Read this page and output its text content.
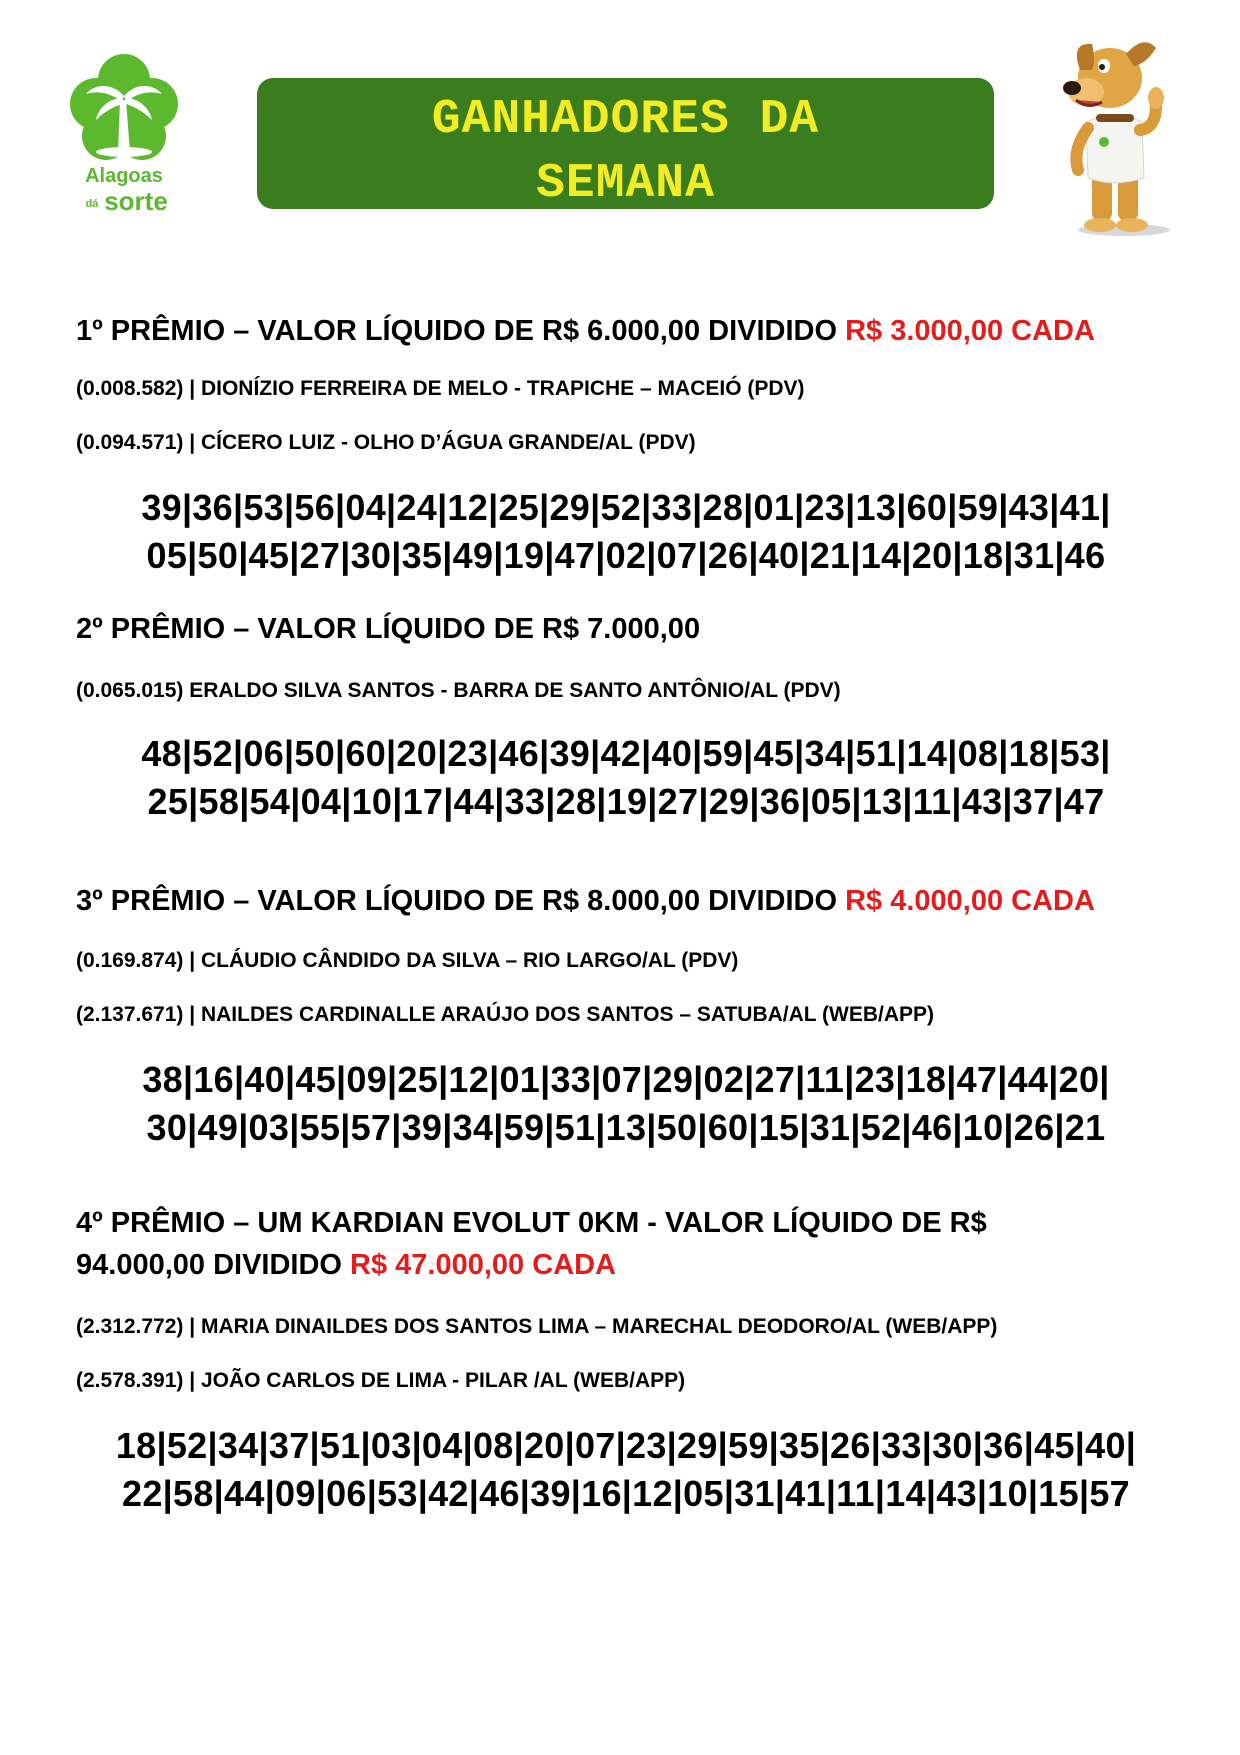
Alagoas
dá sorte
GANHADORES DA
SEMANA

1º PRÊMIO – VALOR LÍQUIDO DE R$ 6.000,00 DIVIDIDO R$ 3.000,00 CADA

(0.008.582) | DIONÍZIO FERREIRA DE MELO - TRAPICHE – MACEIÓ (PDV)

(0.094.571) | CÍCERO LUIZ - OLHO D’ÁGUA GRANDE/AL (PDV)

39|36|53|56|04|24|12|25|29|52|33|28|01|23|13|60|59|43|41|
05|50|45|27|30|35|49|19|47|02|07|26|40|21|14|20|18|31|46

2º PRÊMIO – VALOR LÍQUIDO DE R$ 7.000,00

(0.065.015) ERALDO SILVA SANTOS - BARRA DE SANTO ANTÔNIO/AL (PDV)

48|52|06|50|60|20|23|46|39|42|40|59|45|34|51|14|08|18|53|
25|58|54|04|10|17|44|33|28|19|27|29|36|05|13|11|43|37|47

3º PRÊMIO – VALOR LÍQUIDO DE R$ 8.000,00 DIVIDIDO R$ 4.000,00 CADA

(0.169.874) | CLÁUDIO CÂNDIDO DA SILVA – RIO LARGO/AL (PDV)

(2.137.671) | NAILDES CARDINALLE ARAÚJO DOS SANTOS – SATUBA/AL (WEB/APP)

38|16|40|45|09|25|12|01|33|07|29|02|27|11|23|18|47|44|20|
30|49|03|55|57|39|34|59|51|13|50|60|15|31|52|46|10|26|21

4º PRÊMIO – UM KARDIAN EVOLUT 0KM - VALOR LÍQUIDO DE R$ 94.000,00 DIVIDIDO R$ 47.000,00 CADA

(2.312.772) | MARIA DINAILDES DOS SANTOS LIMA – MARECHAL DEODORO/AL (WEB/APP)

(2.578.391) | JOÃO CARLOS DE LIMA - PILAR /AL (WEB/APP)

18|52|34|37|51|03|04|08|20|07|23|29|59|35|26|33|30|36|45|40|
22|58|44|09|06|53|42|46|39|16|12|05|31|41|11|14|43|10|15|57
